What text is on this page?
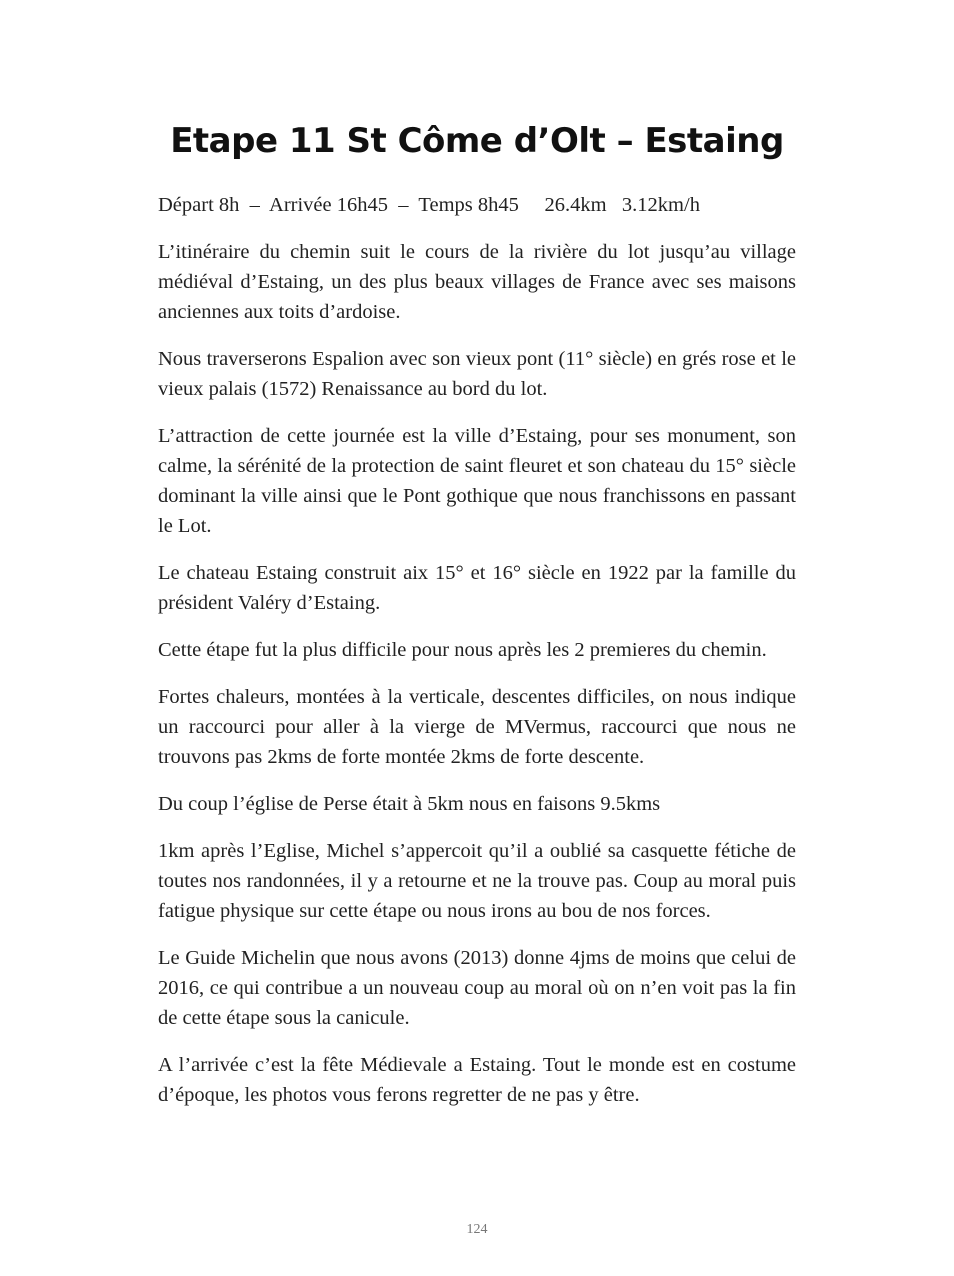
Etape 11 St Côme d’Olt – Estaing

Départ 8h  –  Arrivée 16h45  –  Temps 8h45     26.4km   3.12km/h

L’itinéraire du chemin suit le cours de la rivière du lot jusqu’au village médiéval d’Estaing, un des plus beaux villages de France avec ses maisons anciennes aux toits d’ardoise.

Nous traverserons Espalion avec son vieux pont (11° siècle) en grés rose et le vieux palais (1572) Renaissance au bord du lot.

L’attraction de cette journée est la ville d’Estaing, pour ses monument, son calme, la sérénité de la protection de saint fleuret et son chateau du 15° siècle dominant la ville ainsi que le Pont gothique que nous franchissons en passant le Lot.

Le chateau Estaing construit aix 15° et 16° siècle en 1922 par la famille du président Valéry d’Estaing.

Cette étape fut la plus difficile pour nous après les 2 premieres du chemin.

Fortes chaleurs, montées à la verticale, descentes difficiles, on nous indique un raccourci pour aller à la vierge de MVermus, raccourci que nous ne trouvons pas 2kms de forte montée 2kms de forte descente.

Du coup l’église de Perse était à 5km nous en faisons 9.5kms

1km après l’Eglise, Michel s’appercoit qu’il a oublié sa casquette fétiche de toutes nos randonnées, il y a retourne et ne la trouve pas. Coup au moral puis fatigue physique sur cette étape ou nous irons au bou de nos forces.

Le Guide Michelin que nous avons (2013) donne 4jms de moins que celui de 2016, ce qui contribue a un nouveau coup au moral où on n’en voit pas la fin de cette étape sous la canicule.

A l’arrivée c’est la fête Médievale a Estaing. Tout le monde est en costume d’époque, les photos vous ferons regretter de ne pas y être.

124
